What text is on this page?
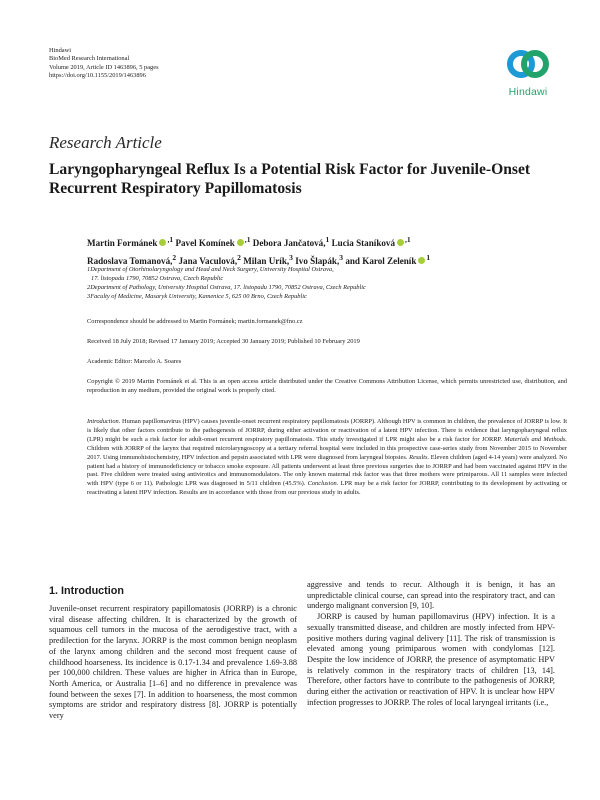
Hindawi
BioMed Research International
Volume 2019, Article ID 1463896, 5 pages
https://doi.org/10.1155/2019/1463896
Hindawi
Research Article
Laryngopharyngeal Reflux Is a Potential Risk Factor for Juvenile-Onset Recurrent Respiratory Papillomatosis
Martin Formánek $^{,1}$ Pavel Komínek $^{,1}$ Debora Jančatová,$^1$ Lucia Staníková $^{,1}$
Radoslava Tomanová,$^2$ Jana Vaculová,$^2$ Milan Urík,$^3$ Ivo Šlapák,$^3$ and Karol Zeleník $^1$
1Department of Otorhinolaryngology and Head and Neck Surgery, University Hospital Ostrava,
17. listopadu 1790, 70852 Ostrava, Czech Republic
2Department of Pathology, University Hospital Ostrava, 17. listopadu 1790, 70852 Ostrava, Czech Republic
3Faculty of Medicine, Masaryk University, Kamenice 5, 625 00 Brno, Czech Republic
Correspondence should be addressed to Martin Formánek; martin.formanek@fno.cz
Received 18 July 2018; Revised 17 January 2019; Accepted 30 January 2019; Published 10 February 2019
Academic Editor: Marcelo A. Soares
Copyright © 2019 Martin Formánek et al. This is an open access article distributed under the Creative Commons Attribution License, which permits unrestricted use, distribution, and reproduction in any medium, provided the original work is properly cited.
Introduction. Human papillomavirus (HPV) causes juvenile-onset recurrent respiratory papillomatosis (JORRP). Although HPV is common in children, the prevalence of JORRP is low. It is likely that other factors contribute to the pathogenesis of JORRP, during either activation or reactivation of a latent HPV infection. There is evidence that laryngopharyngeal reflux (LPR) might be such a risk factor for adult-onset recurrent respiratory papillomatosis. This study investigated if LPR might also be a risk factor for JORRP. Materials and Methods. Children with JORRP of the larynx that required microlaryngoscopy at a tertiary referral hospital were included in this prospective case-series study from November 2015 to November 2017. Using immunohistochemistry, HPV infection and pepsin associated with LPR were diagnosed from laryngeal biopsies. Results. Eleven children (aged 4-14 years) were analyzed. No patient had a history of immunodeficiency or tobacco smoke exposure. All patients underwent at least three previous surgeries due to JORRP and had been vaccinated against HPV in the past. Five children were treated using antivirotics and immunomodulators. The only known maternal risk factor was that three mothers were primiparous. All 11 samples were infected with HPV (type 6 or 11). Pathologic LPR was diagnosed in 5/11 children (45.5%). Conclusion. LPR may be a risk factor for JORRP, contributing to its development by activating or reactivating a latent HPV infection. Results are in accordance with those from our previous study in adults.
1. Introduction

Juvenile-onset recurrent respiratory papillomatosis (JORRP) is a chronic viral disease affecting children. It is characterized by the growth of squamous cell tumors in the mucosa of the aerodigestive tract, with a predilection for the larynx. JORRP is the most common benign neoplasm of the larynx among children and the second most frequent cause of childhood hoarseness. Its incidence is 0.17-1.34 and prevalence 1.69-3.88 per 100,000 children. These values are higher in Africa than in Europe, North America, or Australia [1–6] and no difference in prevalence was found between the sexes [7]. In addition to hoarseness, the most common symptoms are stridor and respiratory distress [8]. JORRP is potentially very

aggressive and tends to recur. Although it is benign, it has an unpredictable clinical course, can spread into the respiratory tract, and can undergo malignant conversion [9, 10].

JORRP is caused by human papillomavirus (HPV) infection. It is a sexually transmitted disease, and children are mostly infected from HPV-positive mothers during vaginal delivery [11]. The risk of transmission is elevated among young primiparous women with condylomas [12]. Despite the low incidence of JORRP, the presence of asymptomatic HPV is relatively common in the respiratory tracts of children [13, 14]. Therefore, other factors have to contribute to the pathogenesis of JORRP, during either the activation or reactivation of HPV. It is unclear how HPV infection progresses to JORRP. The roles of local laryngeal irritants (i.e.,
